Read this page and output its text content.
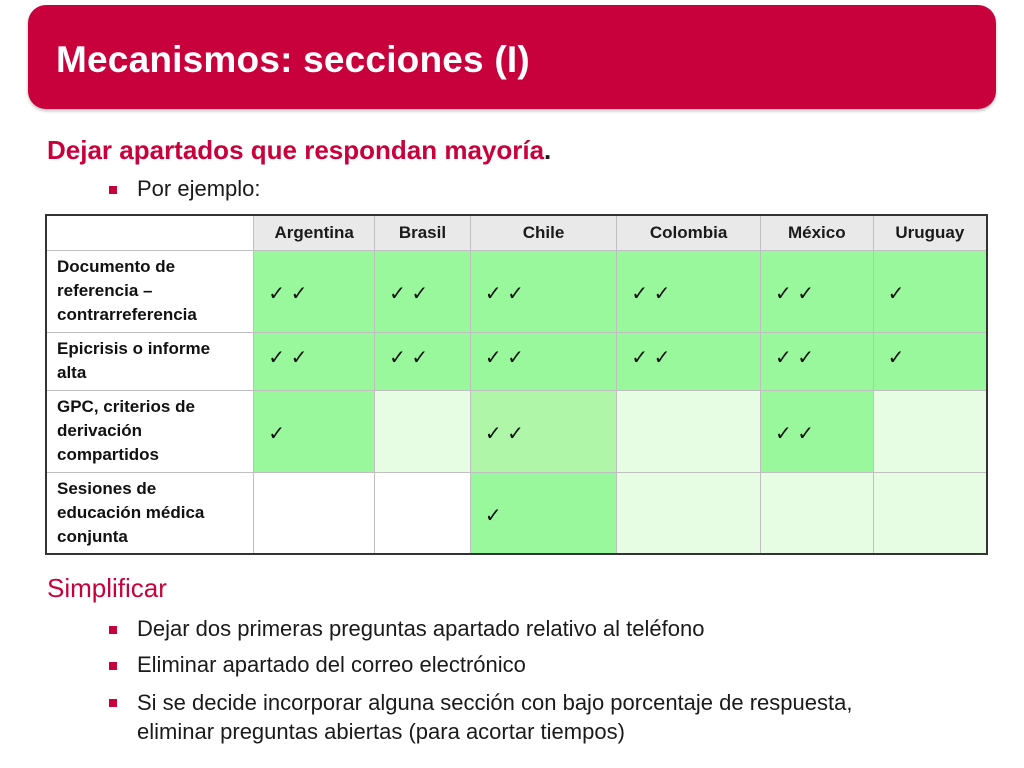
Mecanismos: secciones (I)
Dejar apartados que respondan mayoría.
Por ejemplo:
	Argentina	Brasil	Chile	Colombia	México	Uruguay
Documento de referencia – contrarreferencia	✓ ✓	✓ ✓	✓ ✓	✓ ✓	✓ ✓	✓
Epicrisis o informe alta	✓ ✓	✓ ✓	✓ ✓	✓ ✓	✓ ✓	✓
GPC, criterios de derivación compartidos	✓		✓ ✓		✓ ✓	
Sesiones de educación médica conjunta			✓			
Simplificar
Dejar dos primeras preguntas apartado relativo al teléfono
Eliminar apartado del correo electrónico
Si se decide incorporar alguna sección con bajo porcentaje de respuesta, eliminar preguntas abiertas (para acortar tiempos)
